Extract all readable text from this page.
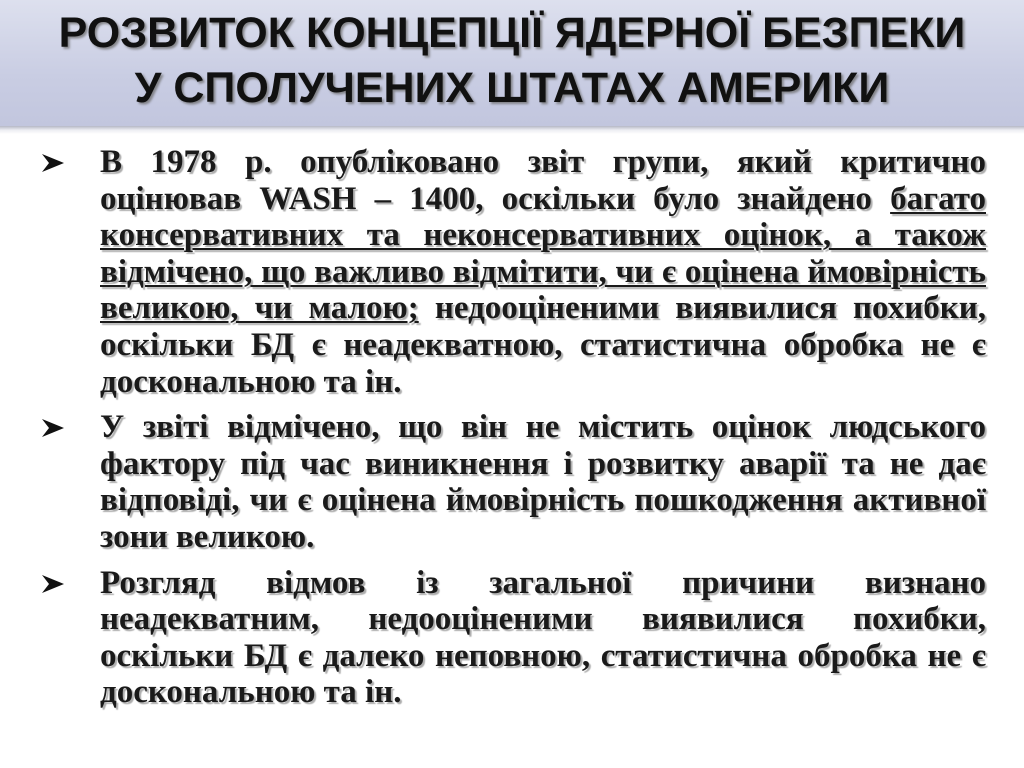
РОЗВИТОК КОНЦЕПЦІЇ ЯДЕРНОЇ БЕЗПЕКИ
У СПОЛУЧЕНИХ ШТАТАХ АМЕРИКИ
В 1978 р. опубліковано звіт групи, який критично оцінював WASH – 1400, оскільки було знайдено багато консервативних та неконсервативних оцінок, а також відмічено, що важливо відмітити, чи є оцінена ймовірність великою, чи малою; недооціненими виявилися похибки, оскільки БД є неадекватною, статистична обробка не є доскональною та ін.
У звіті відмічено, що він не містить оцінок людського фактору під час виникнення і розвитку аварії та не дає відповіді, чи є оцінена ймовірність пошкодження активної зони великою.
Розгляд відмов із загальної причини визнано неадекватним, недооціненими виявилися похибки, оскільки БД є далеко неповною, статистична обробка не є доскональною та ін.
